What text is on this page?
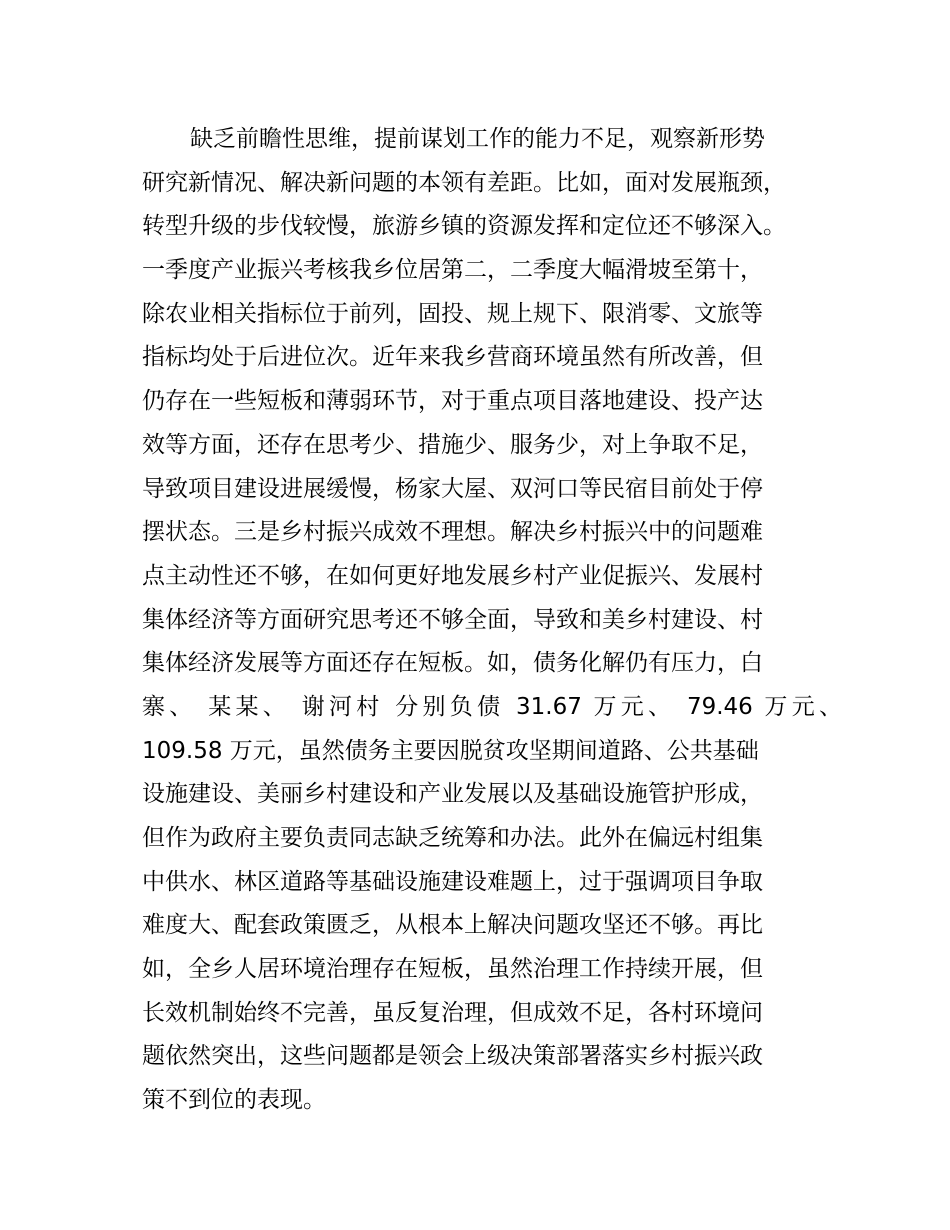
缺乏前瞻性思维，提前谋划工作的能力不足，观察新形势
研究新情况、解决新问题的本领有差距。比如，面对发展瓶颈，
转型升级的步伐较慢，旅游乡镇的资源发挥和定位还不够深入。
一季度产业振兴考核我乡位居第二，二季度大幅滑坡至第十，
除农业相关指标位于前列，固投、规上规下、限消零、文旅等
指标均处于后进位次。近年来我乡营商环境虽然有所改善，但
仍存在一些短板和薄弱环节，对于重点项目落地建设、投产达
效等方面，还存在思考少、措施少、服务少，对上争取不足，
导致项目建设进展缓慢，杨家大屋、双河口等民宿目前处于停
摆状态。三是乡村振兴成效不理想。解决乡村振兴中的问题难
点主动性还不够，在如何更好地发展乡村产业促振兴、发展村
集体经济等方面研究思考还不够全面，导致和美乡村建设、村
集体经济发展等方面还存在短板。如，债务化解仍有压力，白
寨、 某某、 谢河村 分别负债 31.67 万元、 79.46 万元、
109.58 万元，虽然债务主要因脱贫攻坚期间道路、公共基础
设施建设、美丽乡村建设和产业发展以及基础设施管护形成，
但作为政府主要负责同志缺乏统筹和办法。此外在偏远村组集
中供水、林区道路等基础设施建设难题上，过于强调项目争取
难度大、配套政策匮乏，从根本上解决问题攻坚还不够。再比
如，全乡人居环境治理存在短板，虽然治理工作持续开展，但
长效机制始终不完善，虽反复治理，但成效不足，各村环境问
题依然突出，这些问题都是领会上级决策部署落实乡村振兴政
策不到位的表现。
